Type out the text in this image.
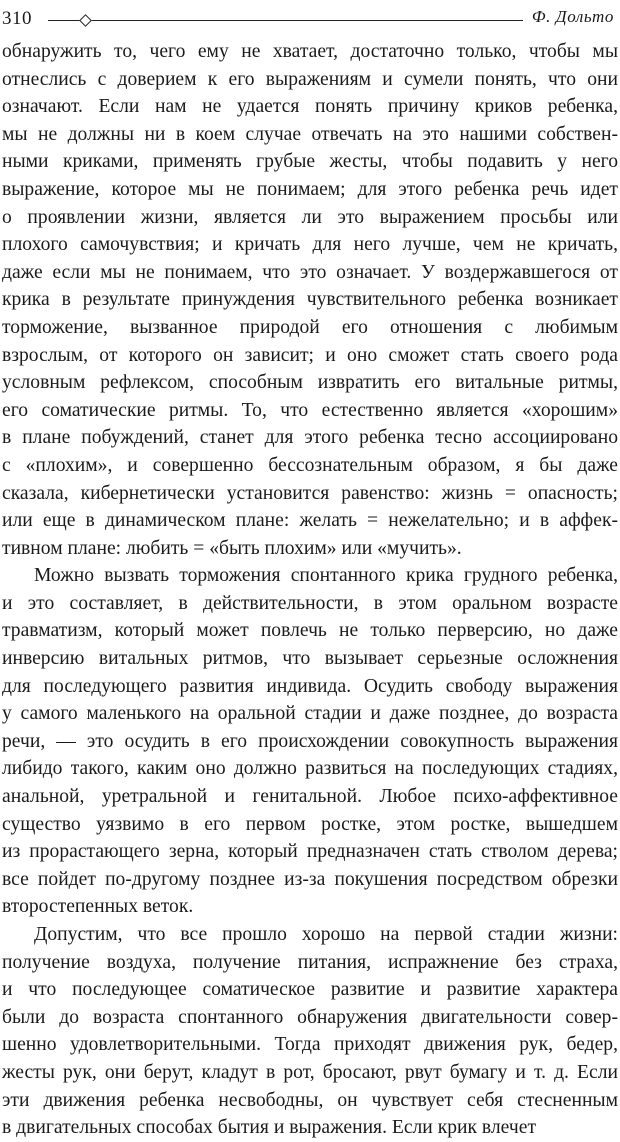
310	Ф. Дольто

обнаружить то, чего ему не хватает, достаточно только, чтобы мы
отнеслись с доверием к его выражениям и сумели понять, что они
означают. Если нам не удается понять причину криков ребенка,
мы не должны ни в коем случае отвечать на это нашими собствен-
ными криками, применять грубые жесты, чтобы подавить у него
выражение, которое мы не понимаем; для этого ребенка речь идет
о проявлении жизни, является ли это выражением просьбы или
плохого самочувствия; и кричать для него лучше, чем не кричать,
даже если мы не понимаем, что это означает. У воздержавшегося от
крика в результате принуждения чувствительного ребенка возникает
торможение, вызванное природой его отношения с любимым
взрослым, от которого он зависит; и оно сможет стать своего рода
условным рефлексом, способным извратить его витальные ритмы,
его соматические ритмы. То, что естественно является «хорошим»
в плане побуждений, станет для этого ребенка тесно ассоциировано
с «плохим», и совершенно бессознательным образом, я бы даже
сказала, кибернетически установится равенство: жизнь = опасность;
или еще в динамическом плане: желать = нежелательно; и в аффек-
тивном плане: любить = «быть плохим» или «мучить».

Можно вызвать торможения спонтанного крика грудного ребенка,
и это составляет, в действительности, в этом оральном возрасте
травматизм, который может повлечь не только перверсию, но даже
инверсию витальных ритмов, что вызывает серьезные осложнения
для последующего развития индивида. Осудить свободу выражения
у самого маленького на оральной стадии и даже позднее, до возраста
речи, — это осудить в его происхождении совокупность выражения
либидо такого, каким оно должно развиться на последующих стадиях,
анальной, уретральной и генитальной. Любое психо-аффективное
существо уязвимо в его первом ростке, этом ростке, вышедшем
из прорастающего зерна, который предназначен стать стволом дерева;
все пойдет по-другому позднее из-за покушения посредством обрезки
второстепенных веток.

Допустим, что все прошло хорошо на первой стадии жизни:
получение воздуха, получение питания, испражнение без страха,
и что последующее соматическое развитие и развитие характера
были до возраста спонтанного обнаружения двигательности совер-
шенно удовлетворительными. Тогда приходят движения рук, бедер,
жесты рук, они берут, кладут в рот, бросают, рвут бумагу и т. д. Если
эти движения ребенка несвободны, он чувствует себя стесненным
в двигательных способах бытия и выражения. Если крик влечет
